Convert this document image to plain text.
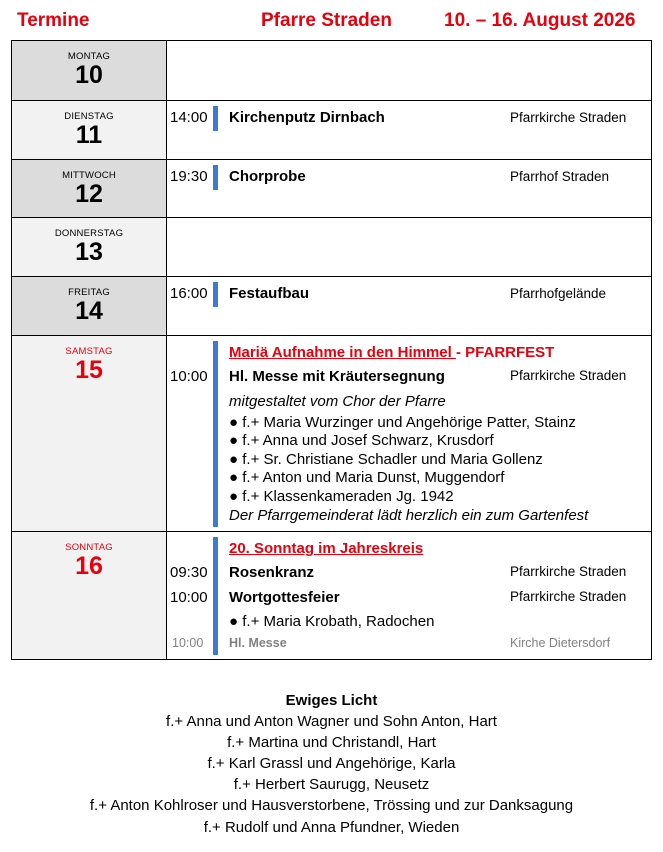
Termine	Pfarre Straden	10. – 16. August 2026
MONTAG
10
DIENSTAG
11
14:00 Kirchenputz Dirnbach	Pfarrkirche Straden
MITTWOCH
12
19:30 Chorprobe	Pfarrhof Straden
DONNERSTAG
13
FREITAG
14
16:00 Festaufbau	Pfarrhofgelände
SAMSTAG
15
Mariä Aufnahme in den Himmel - PFARRFEST
10:00 Hl. Messe mit Kräutersegnung	Pfarrkirche Straden
mitgestaltet vom Chor der Pfarre
● f.+ Maria Wurzinger und Angehörige Patter, Stainz
● f.+ Anna und Josef Schwarz, Krusdorf
● f.+ Sr. Christiane Schadler und Maria Gollenz
● f.+ Anton und Maria Dunst, Muggendorf
● f.+ Klassenkameraden Jg. 1942
Der Pfarrgemeinderat lädt herzlich ein zum Gartenfest
SONNTAG
16
20. Sonntag im Jahreskreis
09:30 Rosenkranz	Pfarrkirche Straden
10:00 Wortgottesfeier	Pfarrkirche Straden
● f.+ Maria Krobath, Radochen
10:00 Hl. Messe	Kirche Dietersdorf
Ewiges Licht
f.+ Anna und Anton Wagner und Sohn Anton, Hart
f.+ Martina und Christandl, Hart
f.+ Karl Grassl und Angehörige, Karla
f.+ Herbert Saurugg, Neusetz
f.+ Anton Kohlroser und Hausverstorbene, Trössing und zur Danksagung
f.+ Rudolf und Anna Pfundner, Wieden
